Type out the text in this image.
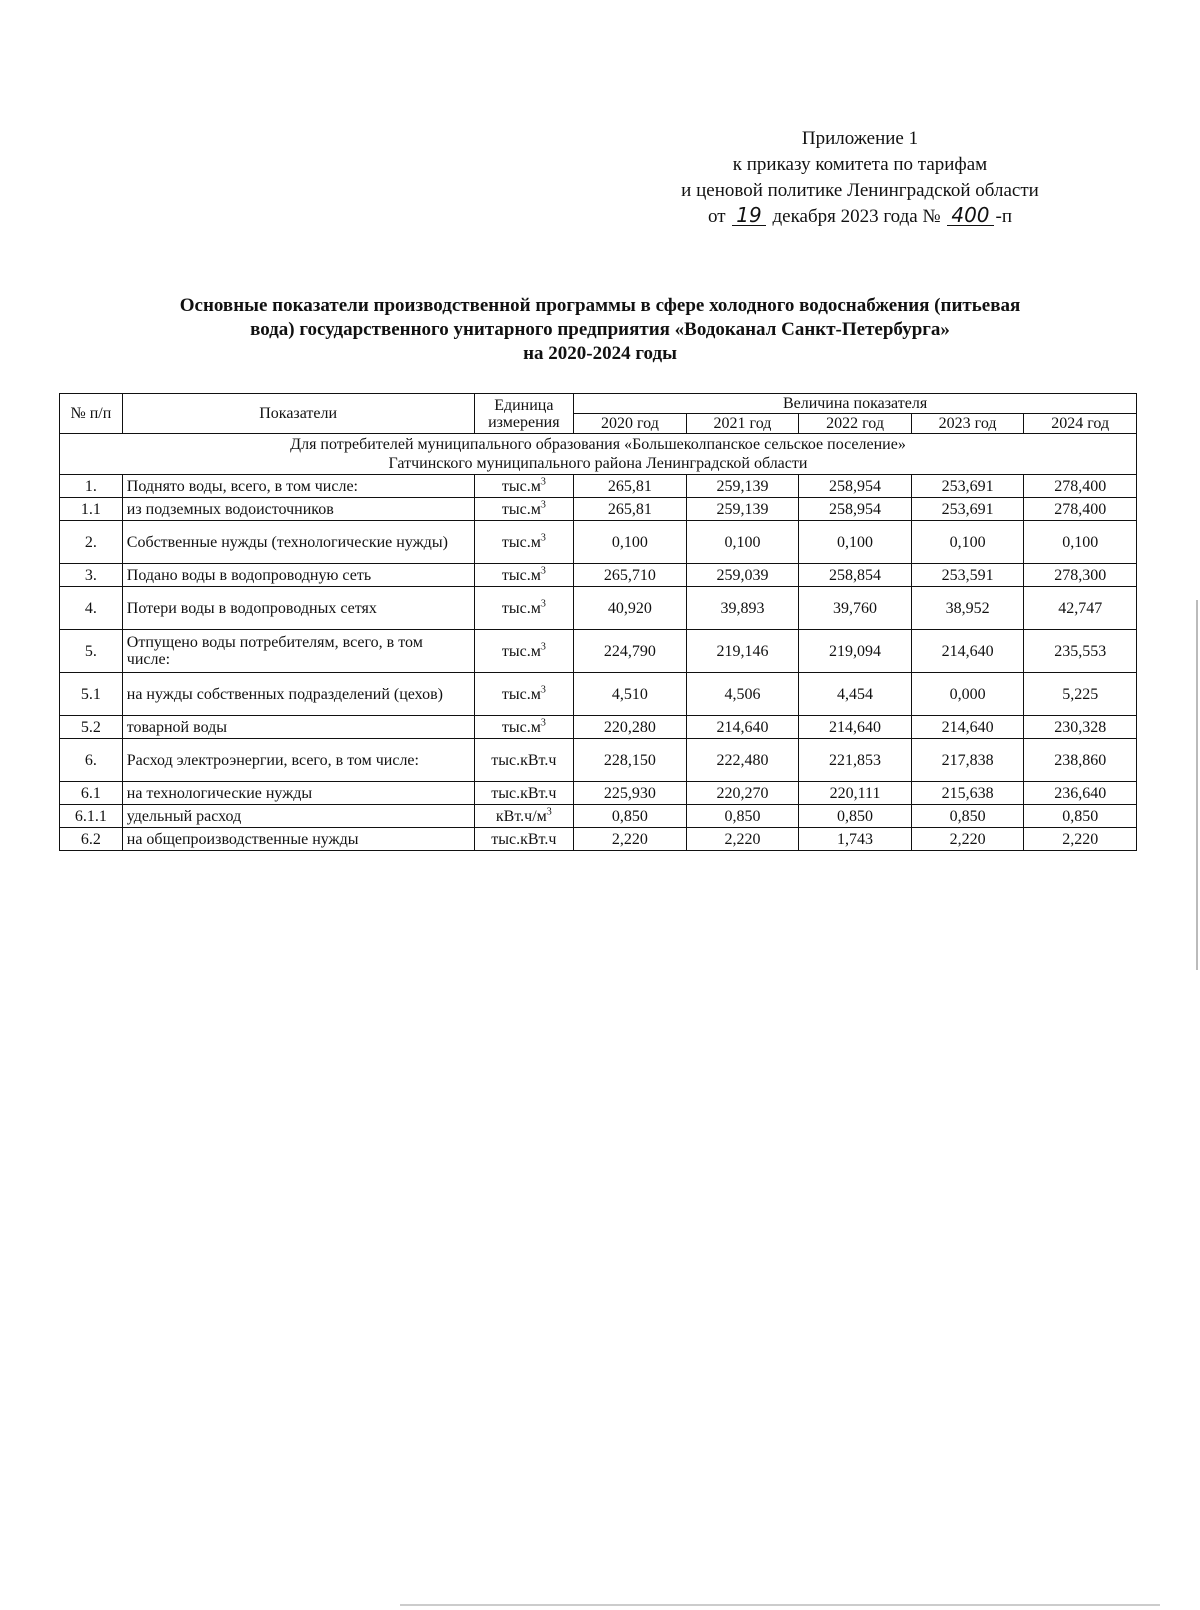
Приложение 1
к приказу комитета по тарифам
и ценовой политике Ленинградской области
от 19 декабря 2023 года № 400 -п
Основные показатели производственной программы в сфере холодного водоснабжения (питьевая
вода) государственного унитарного предприятия «Водоканал Санкт-Петербурга»
на 2020-2024 годы
№ п/п	Показатели	Единица измерения	Величина показателя				
			2020 год	2021 год	2022 год	2023 год	2024 год
Для потребителей муниципального образования «Большеколпанское сельское поселение»
Гатчинского муниципального района Ленинградской области							
1.	Поднято воды, всего, в том числе:	$тыс.м^3$	265,81	259,139	258,954	253,691	278,400
1.1	из подземных водоисточников	$тыс.м^3$	265,81	259,139	258,954	253,691	278,400
2.	Собственные нужды (технологические нужды)	$тыс.м^3$	0,100	0,100	0,100	0,100	0,100
3.	Подано воды в водопроводную сеть	$тыс.м^3$	265,710	259,039	258,854	253,591	278,300
4.	Потери воды в водопроводных сетях	$тыс.м^3$	40,920	39,893	39,760	38,952	42,747
5.	Отпущено воды потребителям, всего, в том числе:	$тыс.м^3$	224,790	219,146	219,094	214,640	235,553
5.1	на нужды собственных подразделений (цехов)	$тыс.м^3$	4,510	4,506	4,454	0,000	5,225
5.2	товарной воды	$тыс.м^3$	220,280	214,640	214,640	214,640	230,328
6.	Расход электроэнергии, всего, в том числе:	тыс.кВт.ч	228,150	222,480	221,853	217,838	238,860
6.1	на технологические нужды	тыс.кВт.ч	225,930	220,270	220,111	215,638	236,640
6.1.1	удельный расход	$кВт.ч/м^3$	0,850	0,850	0,850	0,850	0,850
6.2	на общепроизводственные нужды	тыс.кВт.ч	2,220	2,220	1,743	2,220	2,220
